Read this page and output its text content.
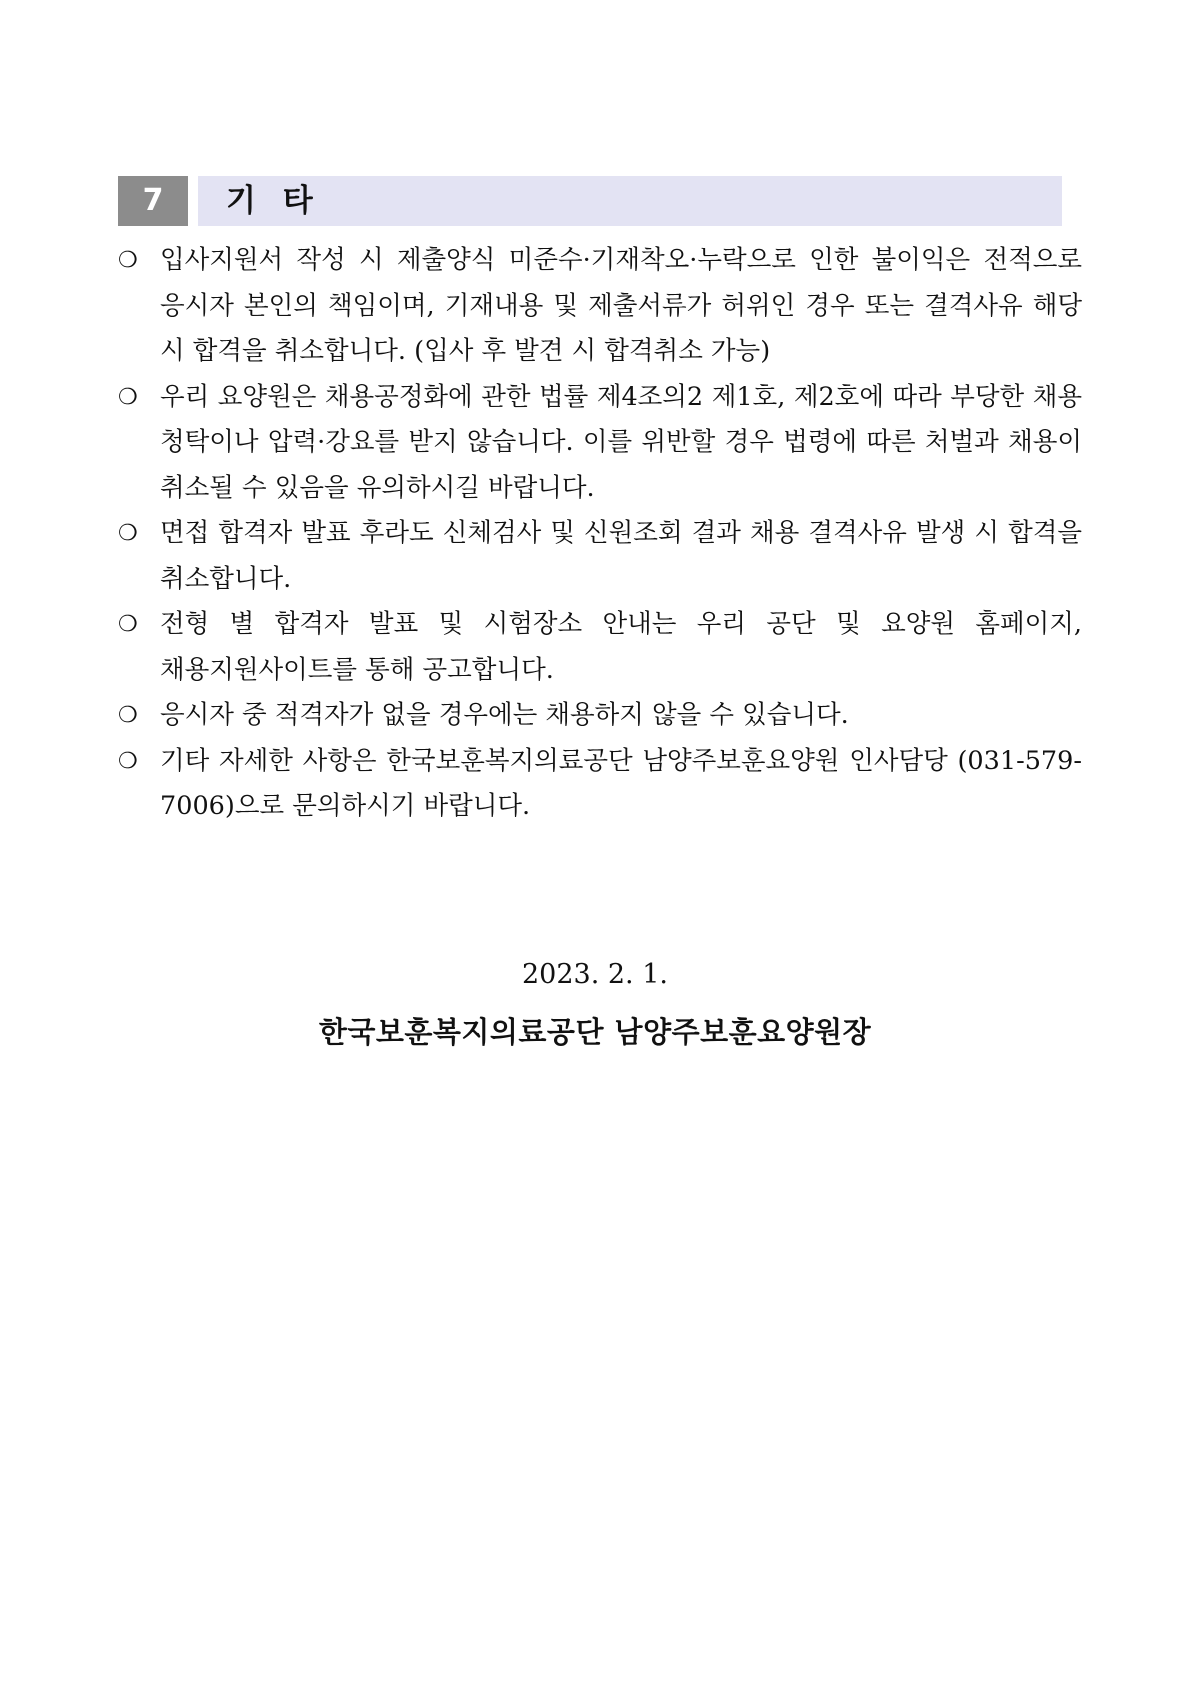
7	기 타
❍ 입사지원서 작성 시 제출양식 미준수·기재착오·누락으로 인한 불이익은 전적으로 응시자 본인의 책임이며, 기재내용 및 제출서류가 허위인 경우 또는 결격사유 해당 시 합격을 취소합니다. (입사 후 발견 시 합격취소 가능)
❍ 우리 요양원은 채용공정화에 관한 법률 제4조의2 제1호, 제2호에 따라 부당한 채용 청탁이나 압력·강요를 받지 않습니다. 이를 위반할 경우 법령에 따른 처벌과 채용이 취소될 수 있음을 유의하시길 바랍니다.
❍ 면접 합격자 발표 후라도 신체검사 및 신원조회 결과 채용 결격사유 발생 시 합격을 취소합니다.
❍ 전형 별 합격자 발표 및 시험장소 안내는 우리 공단 및 요양원 홈페이지, 채용지원사이트를 통해 공고합니다.
❍ 응시자 중 적격자가 없을 경우에는 채용하지 않을 수 있습니다.
❍ 기타 자세한 사항은 한국보훈복지의료공단 남양주보훈요양원 인사담당 (031-579-7006)으로 문의하시기 바랍니다.
2023. 2. 1.
한국보훈복지의료공단 남양주보훈요양원장
